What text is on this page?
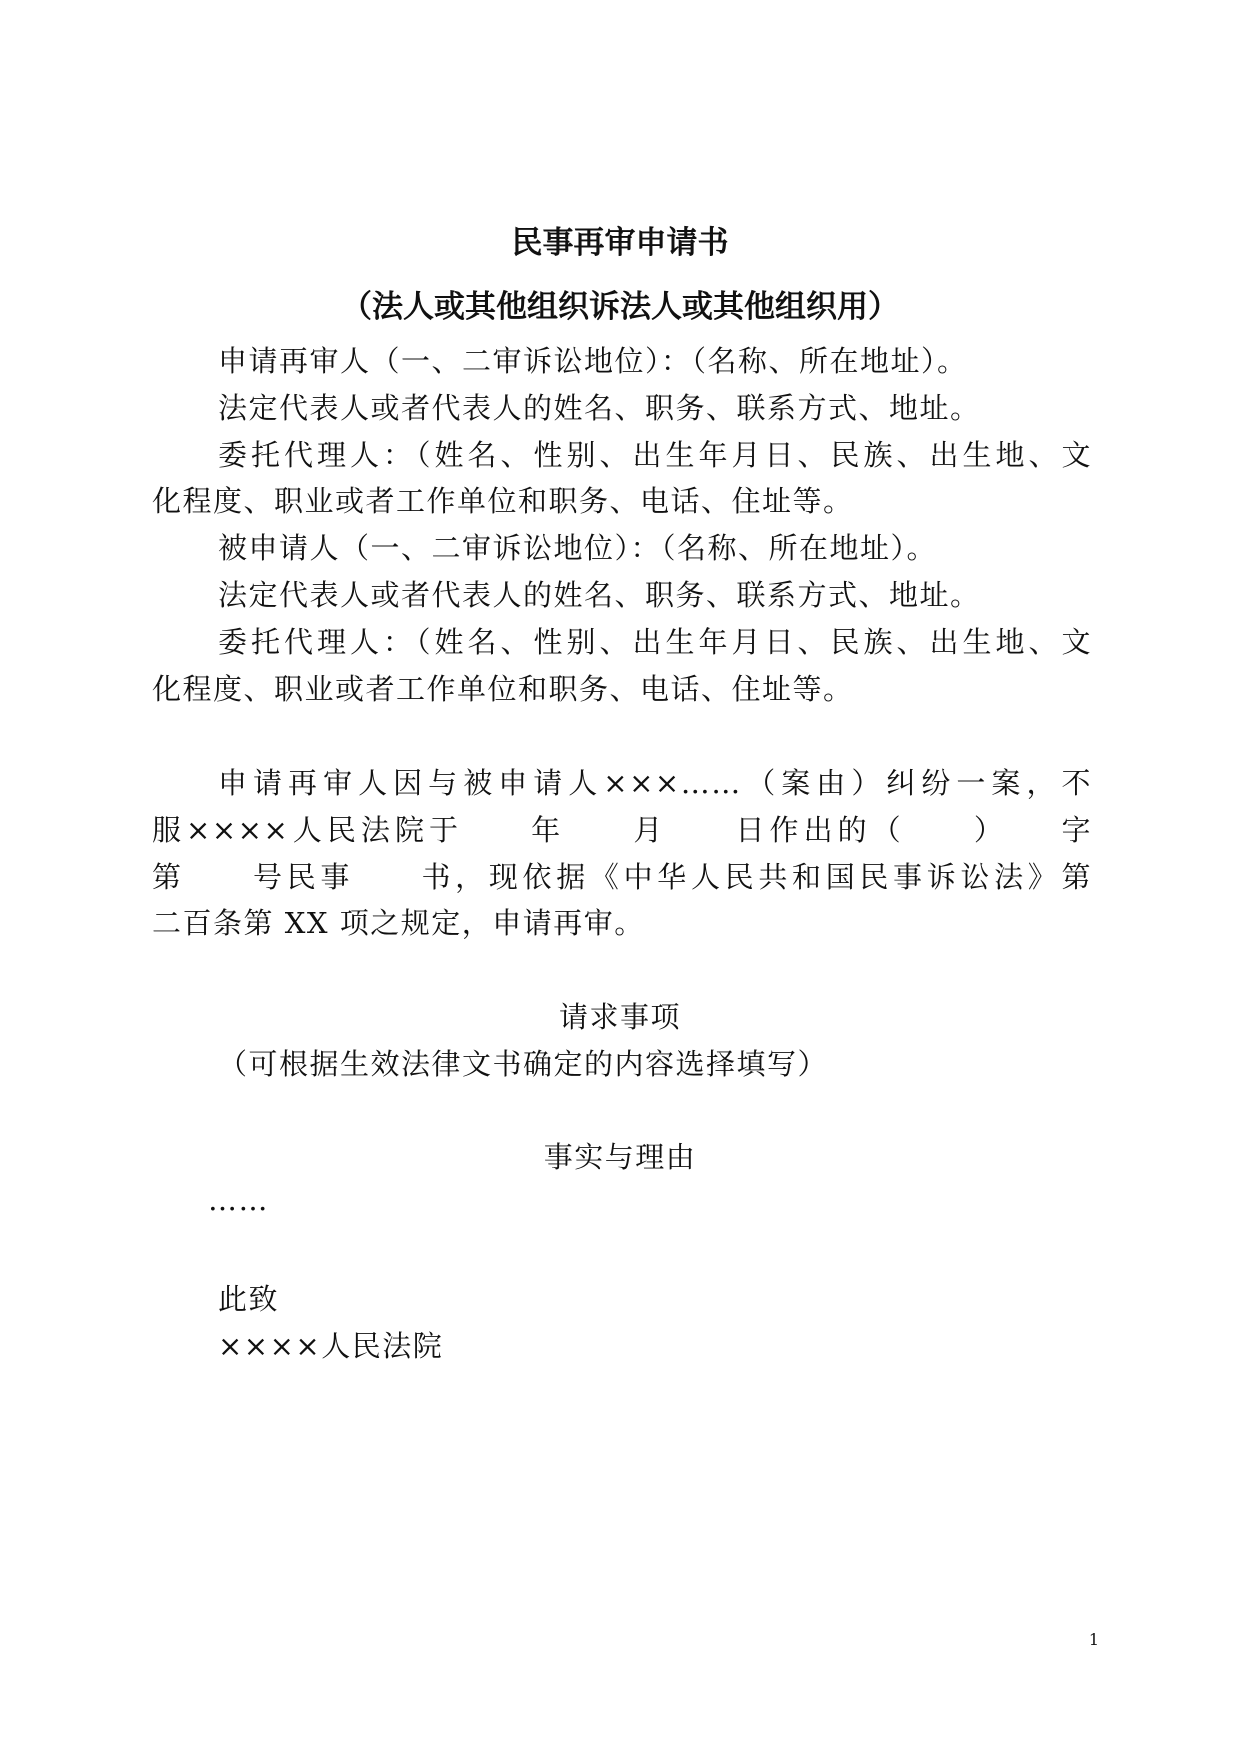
民事再审申请书
（法人或其他组织诉法人或其他组织用）
申请再审人（一、二审诉讼地位）：（名称、所在地址）。
法定代表人或者代表人的姓名、职务、联系方式、地址。
委托代理人：（姓名、性别、出生年月日、民族、出生地、文
化程度、职业或者工作单位和职务、电话、住址等。
被申请人（一、二审诉讼地位）：（名称、所在地址）。
法定代表人或者代表人的姓名、职务、联系方式、地址。
委托代理人：（姓名、性别、出生年月日、民族、出生地、文
化程度、职业或者工作单位和职务、电话、住址等。
申请再审人因与被申请人×××……（案由）纠纷一案，不
服××××人民法院于　　年　　月　　日作出的（　　）　　字
第　　号民事　　书，现依据《中华人民共和国民事诉讼法》第
二百条第 XX 项之规定，申请再审。
请求事项
（可根据生效法律文书确定的内容选择填写）
事实与理由
……
此致
××××人民法院
1
